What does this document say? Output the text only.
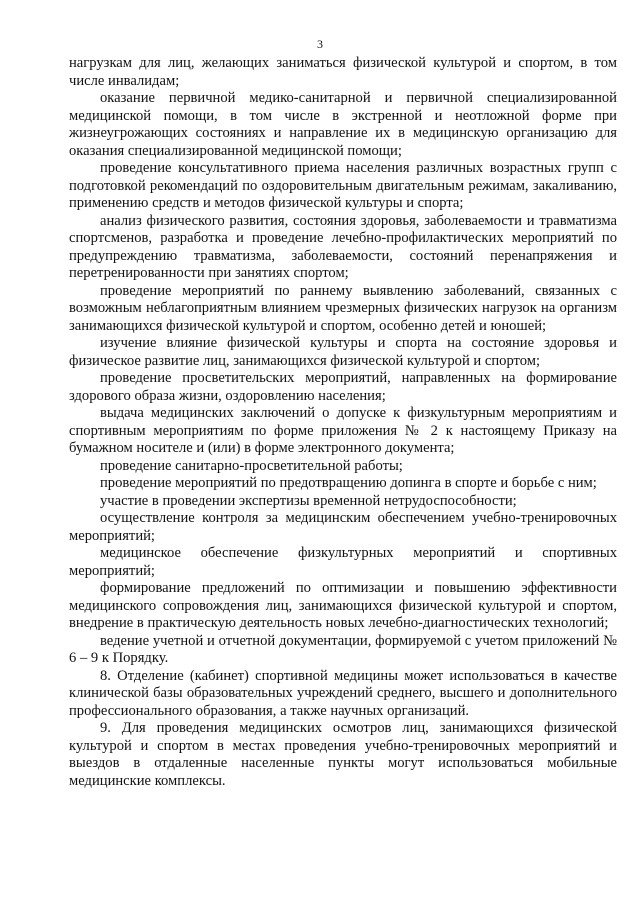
3

нагрузкам для лиц, желающих заниматься физической культурой и спортом, в том числе инвалидам;

оказание первичной медико-санитарной и первичной специализированной медицинской помощи, в том числе в экстренной и неотложной форме при жизнеугрожающих состояниях и направление их в медицинскую организацию для оказания специализированной медицинской помощи;

проведение консультативного приема населения различных возрастных групп с подготовкой рекомендаций по оздоровительным двигательным режимам, закаливанию, применению средств и методов физической культуры и спорта;

анализ физического развития, состояния здоровья, заболеваемости и травматизма спортсменов, разработка и проведение лечебно-профилактических мероприятий по предупреждению травматизма, заболеваемости, состояний перенапряжения и перетренированности при занятиях спортом;

проведение мероприятий по раннему выявлению заболеваний, связанных с возможным неблагоприятным влиянием чрезмерных физических нагрузок на организм занимающихся физической культурой и спортом, особенно детей и юношей;

изучение влияние физической культуры и спорта на состояние здоровья и физическое развитие лиц, занимающихся физической культурой и спортом;

проведение просветительских мероприятий, направленных на формирование здорового образа жизни, оздоровлению населения;

выдача медицинских заключений о допуске к физкультурным мероприятиям и спортивным мероприятиям по форме приложения № 2 к настоящему Приказу на бумажном носителе и (или) в форме электронного документа;

проведение санитарно-просветительной работы;

проведение мероприятий по предотвращению допинга в спорте и борьбе с ним;

участие в проведении экспертизы временной нетрудоспособности;

осуществление контроля за медицинским обеспечением учебно-тренировочных мероприятий;

медицинское обеспечение физкультурных мероприятий и спортивных мероприятий;

формирование предложений по оптимизации и повышению эффективности медицинского сопровождения лиц, занимающихся физической культурой и спортом, внедрение в практическую деятельность новых лечебно-диагностических технологий;

ведение учетной и отчетной документации, формируемой с учетом приложений № 6 – 9 к Порядку.

8. Отделение (кабинет) спортивной медицины может использоваться в качестве клинической базы образовательных учреждений среднего, высшего и дополнительного профессионального образования, а также научных организаций.

9. Для проведения медицинских осмотров лиц, занимающихся физической культурой и спортом в местах проведения учебно-тренировочных мероприятий и выездов в отдаленные населенные пункты могут использоваться мобильные медицинские комплексы.
